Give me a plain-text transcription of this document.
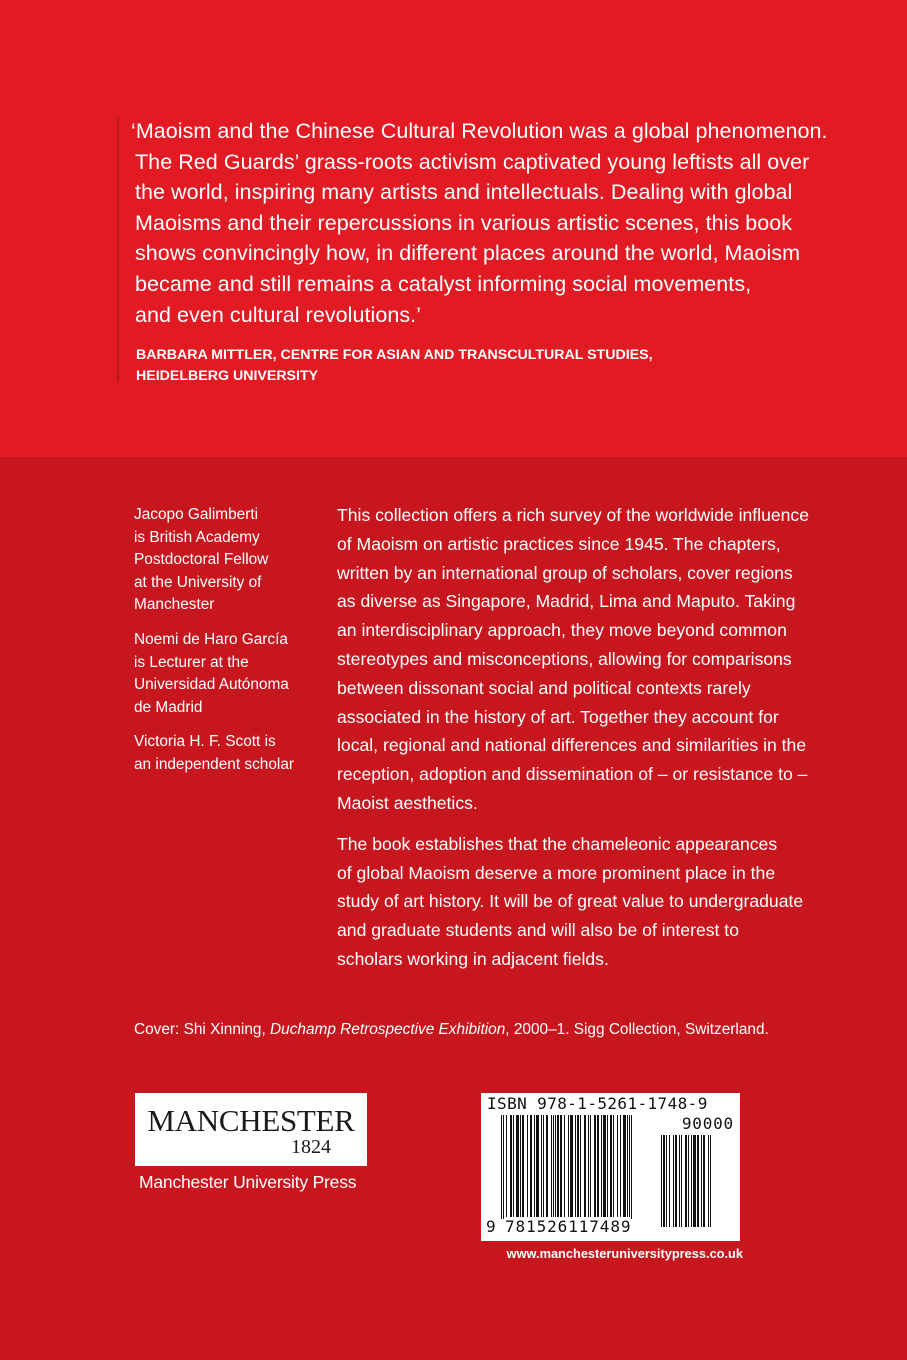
‘Maoism and the Chinese Cultural Revolution was a global phenomenon.
The Red Guards’ grass-roots activism captivated young leftists all over
the world, inspiring many artists and intellectuals. Dealing with global
Maoisms and their repercussions in various artistic scenes, this book
shows convincingly how, in different places around the world, Maoism
became and still remains a catalyst informing social movements,
and even cultural revolutions.’

BARBARA MITTLER, CENTRE FOR ASIAN AND TRANSCULTURAL STUDIES,
HEIDELBERG UNIVERSITY

Jacopo Galimberti
is British Academy
Postdoctoral Fellow
at the University of
Manchester

Noemi de Haro García
is Lecturer at the
Universidad Autónoma
de Madrid

Victoria H. F. Scott is
an independent scholar

This collection offers a rich survey of the worldwide influence
of Maoism on artistic practices since 1945. The chapters,
written by an international group of scholars, cover regions
as diverse as Singapore, Madrid, Lima and Maputo. Taking
an interdisciplinary approach, they move beyond common
stereotypes and misconceptions, allowing for comparisons
between dissonant social and political contexts rarely
associated in the history of art. Together they account for
local, regional and national differences and similarities in the
reception, adoption and dissemination of – or resistance to –
Maoist aesthetics.

The book establishes that the chameleonic appearances
of global Maoism deserve a more prominent place in the
study of art history. It will be of great value to undergraduate
and graduate students and will also be of interest to
scholars working in adjacent fields.

Cover: Shi Xinning, Duchamp Retrospective Exhibition, 2000–1. Sigg Collection, Switzerland.
MANCHESTER
1824
Manchester University Press
ISBN 978-1-5261-1748-9
90000
9 781526117489
www.manchesteruniversitypress.co.uk
